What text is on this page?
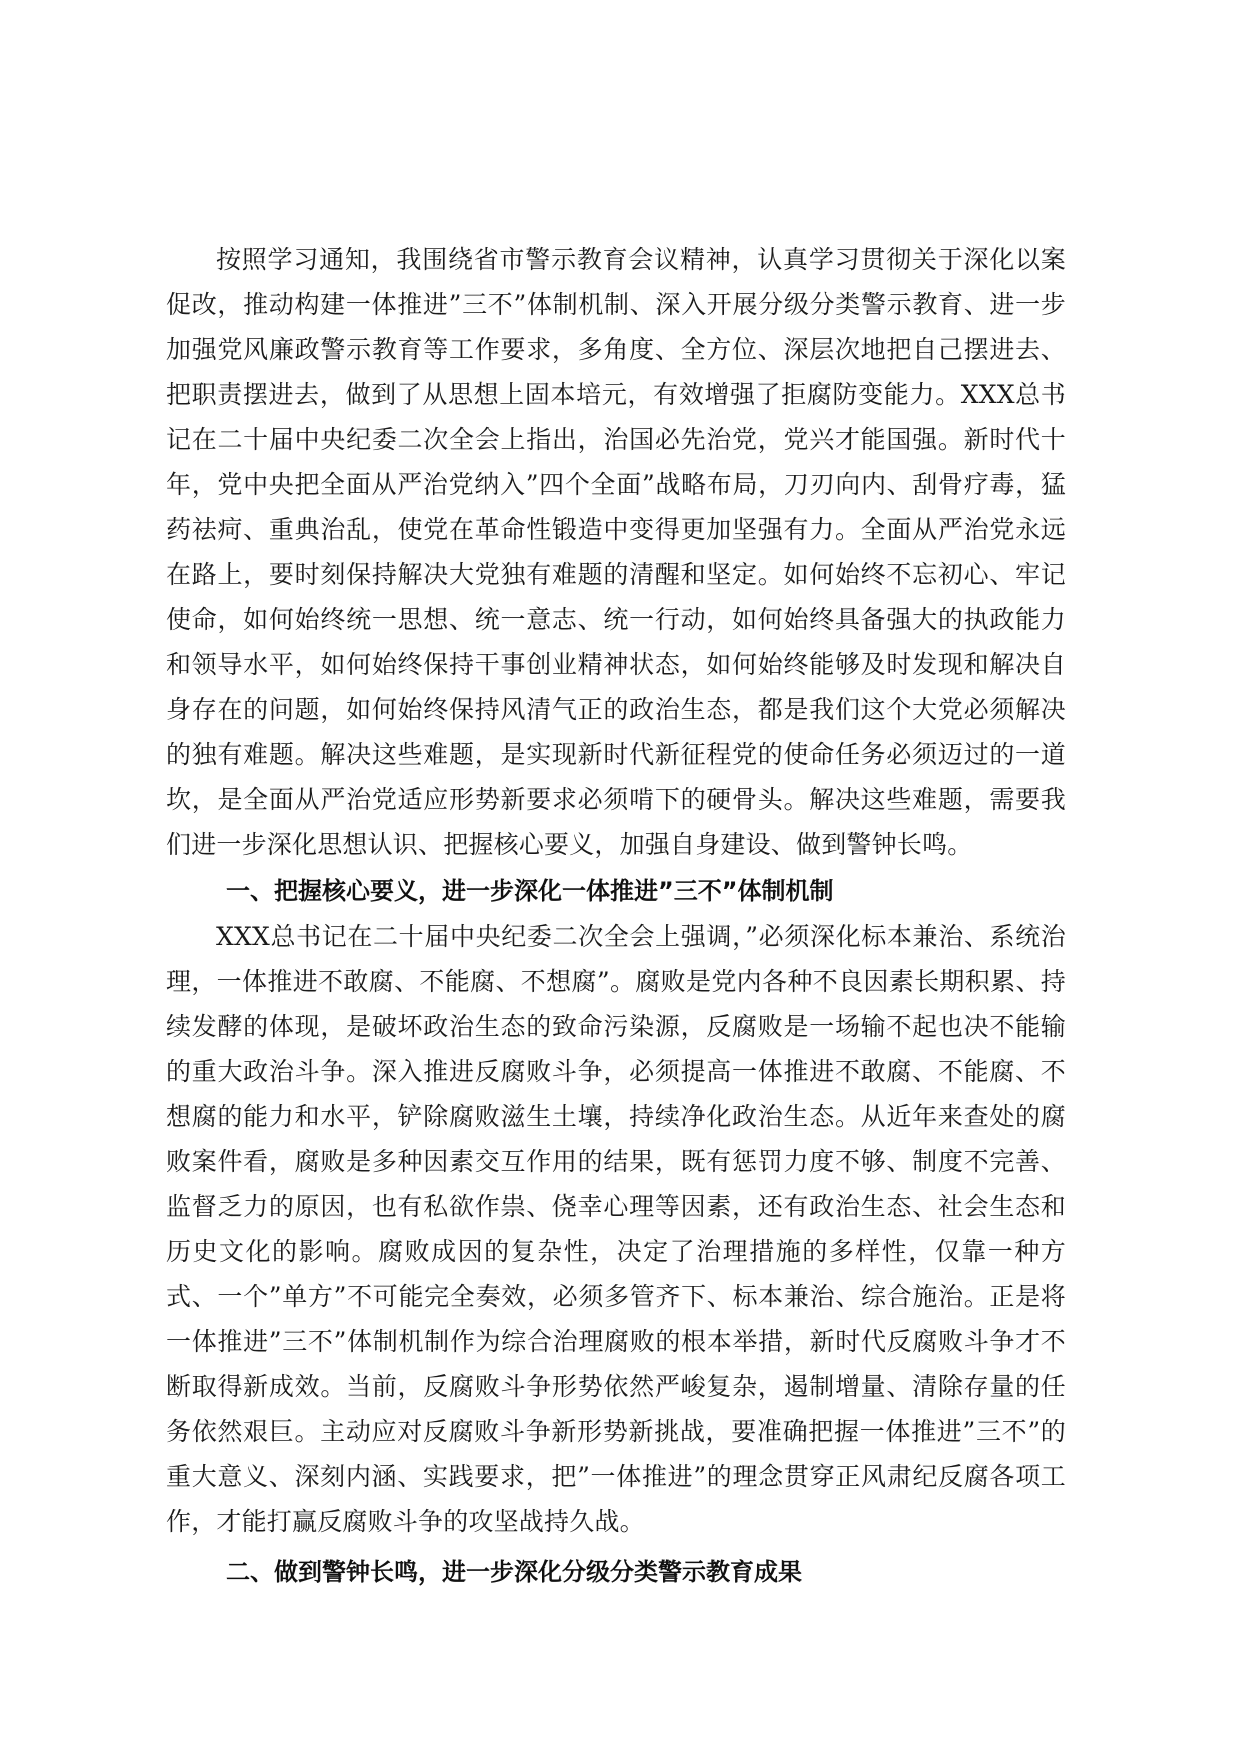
按照学习通知，我围绕省市警示教育会议精神，认真学习贯彻关于深化以案促改，推动构建一体推进”三不”体制机制、深入开展分级分类警示教育、进一步加强党风廉政警示教育等工作要求，多角度、全方位、深层次地把自己摆进去、把职责摆进去，做到了从思想上固本培元，有效增强了拒腐防变能力。XXX总书记在二十届中央纪委二次全会上指出，治国必先治党，党兴才能国强。新时代十年，党中央把全面从严治党纳入”四个全面”战略布局，刀刃向内、刮骨疗毒，猛药祛疴、重典治乱，使党在革命性锻造中变得更加坚强有力。全面从严治党永远在路上，要时刻保持解决大党独有难题的清醒和坚定。如何始终不忘初心、牢记使命，如何始终统一思想、统一意志、统一行动，如何始终具备强大的执政能力和领导水平，如何始终保持干事创业精神状态，如何始终能够及时发现和解决自身存在的问题，如何始终保持风清气正的政治生态，都是我们这个大党必须解决的独有难题。解决这些难题，是实现新时代新征程党的使命任务必须迈过的一道坎，是全面从严治党适应形势新要求必须啃下的硬骨头。解决这些难题，需要我们进一步深化思想认识、把握核心要义，加强自身建设、做到警钟长鸣。

一、把握核心要义，进一步深化一体推进”三不”体制机制

XXX总书记在二十届中央纪委二次全会上强调，”必须深化标本兼治、系统治理，一体推进不敢腐、不能腐、不想腐”。腐败是党内各种不良因素长期积累、持续发酵的体现，是破坏政治生态的致命污染源，反腐败是一场输不起也决不能输的重大政治斗争。深入推进反腐败斗争，必须提高一体推进不敢腐、不能腐、不想腐的能力和水平，铲除腐败滋生土壤，持续净化政治生态。从近年来查处的腐败案件看，腐败是多种因素交互作用的结果，既有惩罚力度不够、制度不完善、监督乏力的原因，也有私欲作祟、侥幸心理等因素，还有政治生态、社会生态和历史文化的影响。腐败成因的复杂性，决定了治理措施的多样性，仅靠一种方式、一个”单方”不可能完全奏效，必须多管齐下、标本兼治、综合施治。正是将一体推进”三不”体制机制作为综合治理腐败的根本举措，新时代反腐败斗争才不断取得新成效。当前，反腐败斗争形势依然严峻复杂，遏制增量、清除存量的任务依然艰巨。主动应对反腐败斗争新形势新挑战，要准确把握一体推进”三不”的重大意义、深刻内涵、实践要求，把”一体推进”的理念贯穿正风肃纪反腐各项工作，才能打赢反腐败斗争的攻坚战持久战。

二、做到警钟长鸣，进一步深化分级分类警示教育成果
